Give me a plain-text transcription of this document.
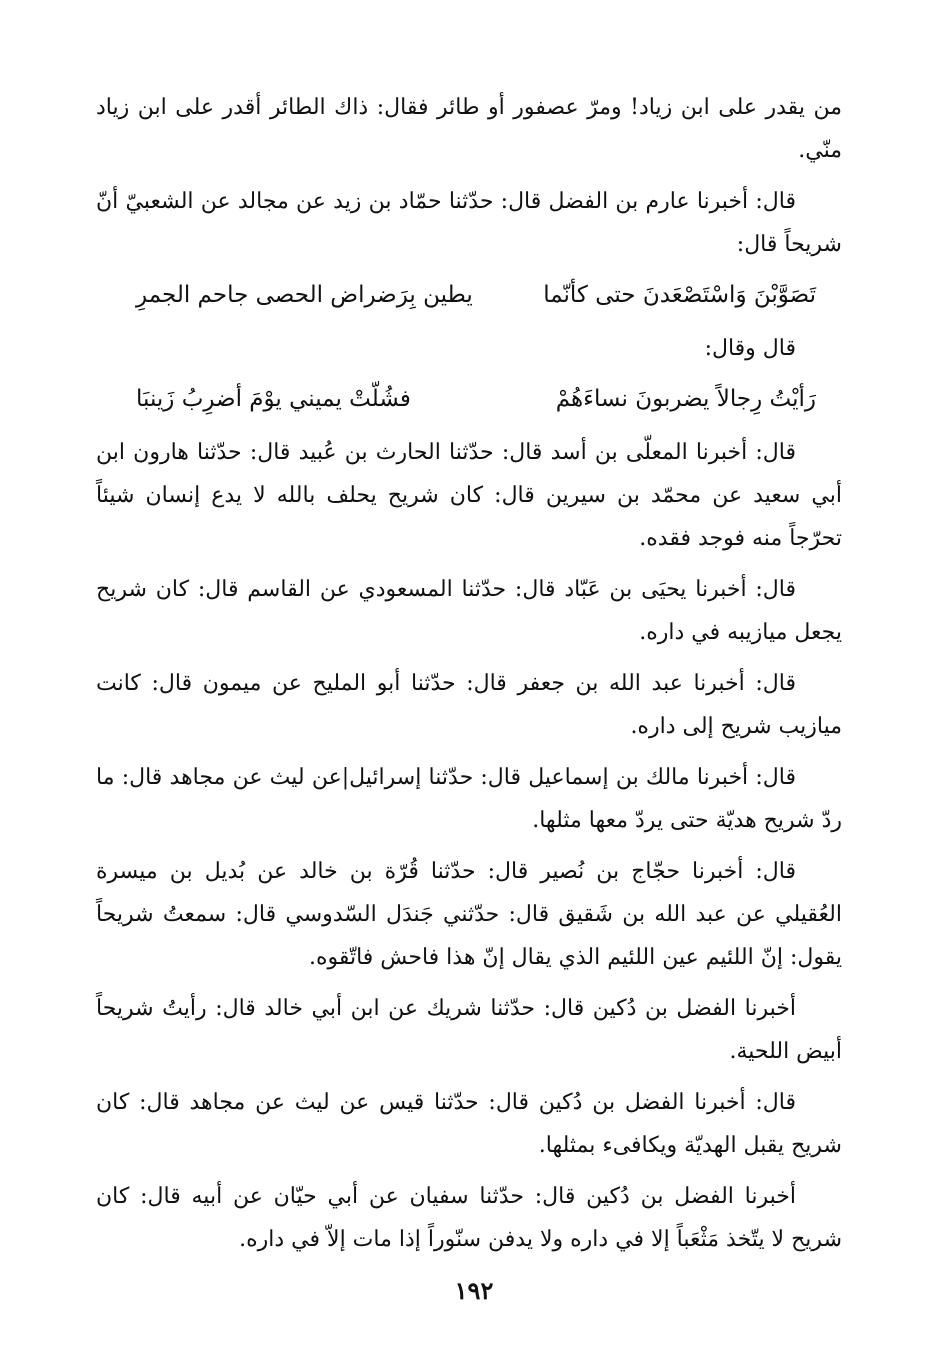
من يقدر على ابن زياد! ومرّ عصفور أو طائر فقال: ذاك الطائر أقدر على ابن زياد منّي.

قال: أخبرنا عارم بن الفضل قال: حدّثنا حمّاد بن زيد عن مجالد عن الشعبيّ أنّ شريحاً قال:

تَصَوَّبْنَ وَاسْتَصْعَدنَ حتى كأنّما
يطين بِرَضراض الحصى جاحم الجمرِ

قال وقال:

رَأيْتُ رِجالاً يضربونَ نساءَهُمْ
فشُلّتْ يميني يوْمَ أضرِبُ زَينبَا

قال: أخبرنا المعلّى بن أسد قال: حدّثنا الحارث بن عُبيد قال: حدّثنا هارون ابن أبي سعيد عن محمّد بن سيرين قال: كان شريح يحلف بالله لا يدع إنسان شيئاً تحرّجاً منه فوجد فقده.

قال: أخبرنا يحيَى بن عَبّاد قال: حدّثنا المسعودي عن القاسم قال: كان شريح يجعل ميازيبه في داره.

قال: أخبرنا عبد الله بن جعفر قال: حدّثنا أبو المليح عن ميمون قال: كانت ميازيب شريح إلى داره.

قال: أخبرنا مالك بن إسماعيل قال: حدّثنا إسرائيل|عن ليث عن مجاهد قال: ما ردّ شريح هديّة حتى يردّ معها مثلها.

قال: أخبرنا حجّاج بن نُصير قال: حدّثنا قُرّة بن خالد عن بُديل بن ميسرة العُقيلي عن عبد الله بن شَقيق قال: حدّثني جَندَل السّدوسي قال: سمعتُ شريحاً يقول: إنّ اللئيم عين اللئيم الذي يقال إنّ هذا فاحش فاتّقوه.

أخبرنا الفضل بن دُكين قال: حدّثنا شريك عن ابن أبي خالد قال: رأيتُ شريحاً أبيض اللحية.

قال: أخبرنا الفضل بن دُكين قال: حدّثنا قيس عن ليث عن مجاهد قال: كان شريح يقبل الهديّة ويكافىء بمثلها.

أخبرنا الفضل بن دُكين قال: حدّثنا سفيان عن أبي حيّان عن أبيه قال: كان شريح لا يتّخذ مَثْعَباً إلا في داره ولا يدفن سنّوراً إذا مات إلاّ في داره.

١٩٢
